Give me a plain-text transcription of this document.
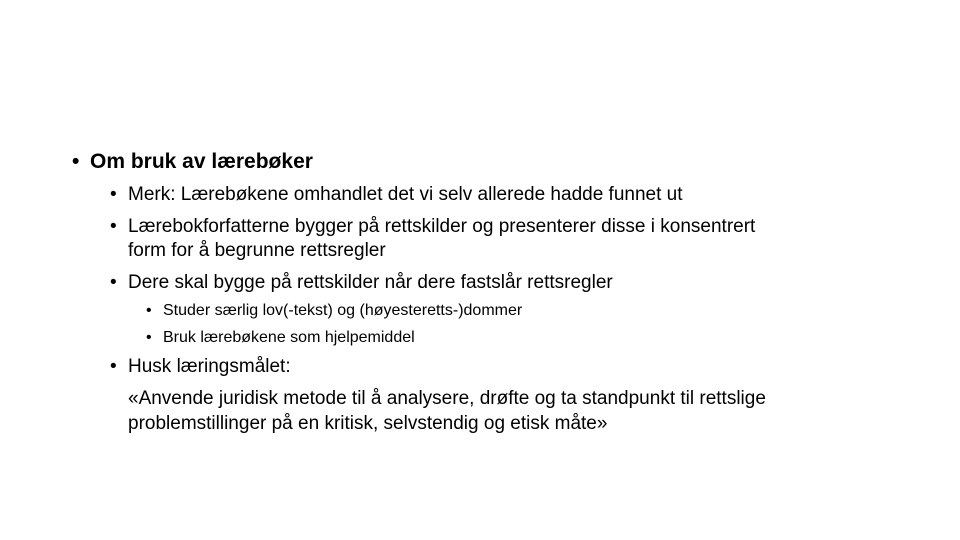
• Om bruk av lærebøker
• Merk: Lærebøkene omhandlet det vi selv allerede hadde funnet ut
• Lærebokforfatterne bygger på rettskilder og presenterer disse i konsentrert
form for å begrunne rettsregler
• Dere skal bygge på rettskilder når dere fastslår rettsregler
• Studer særlig lov(-tekst) og (høyesteretts-)dommer
• Bruk lærebøkene som hjelpemiddel
• Husk læringsmålet:
«Anvende juridisk metode til å analysere, drøfte og ta standpunkt til rettslige
problemstillinger på en kritisk, selvstendig og etisk måte»
